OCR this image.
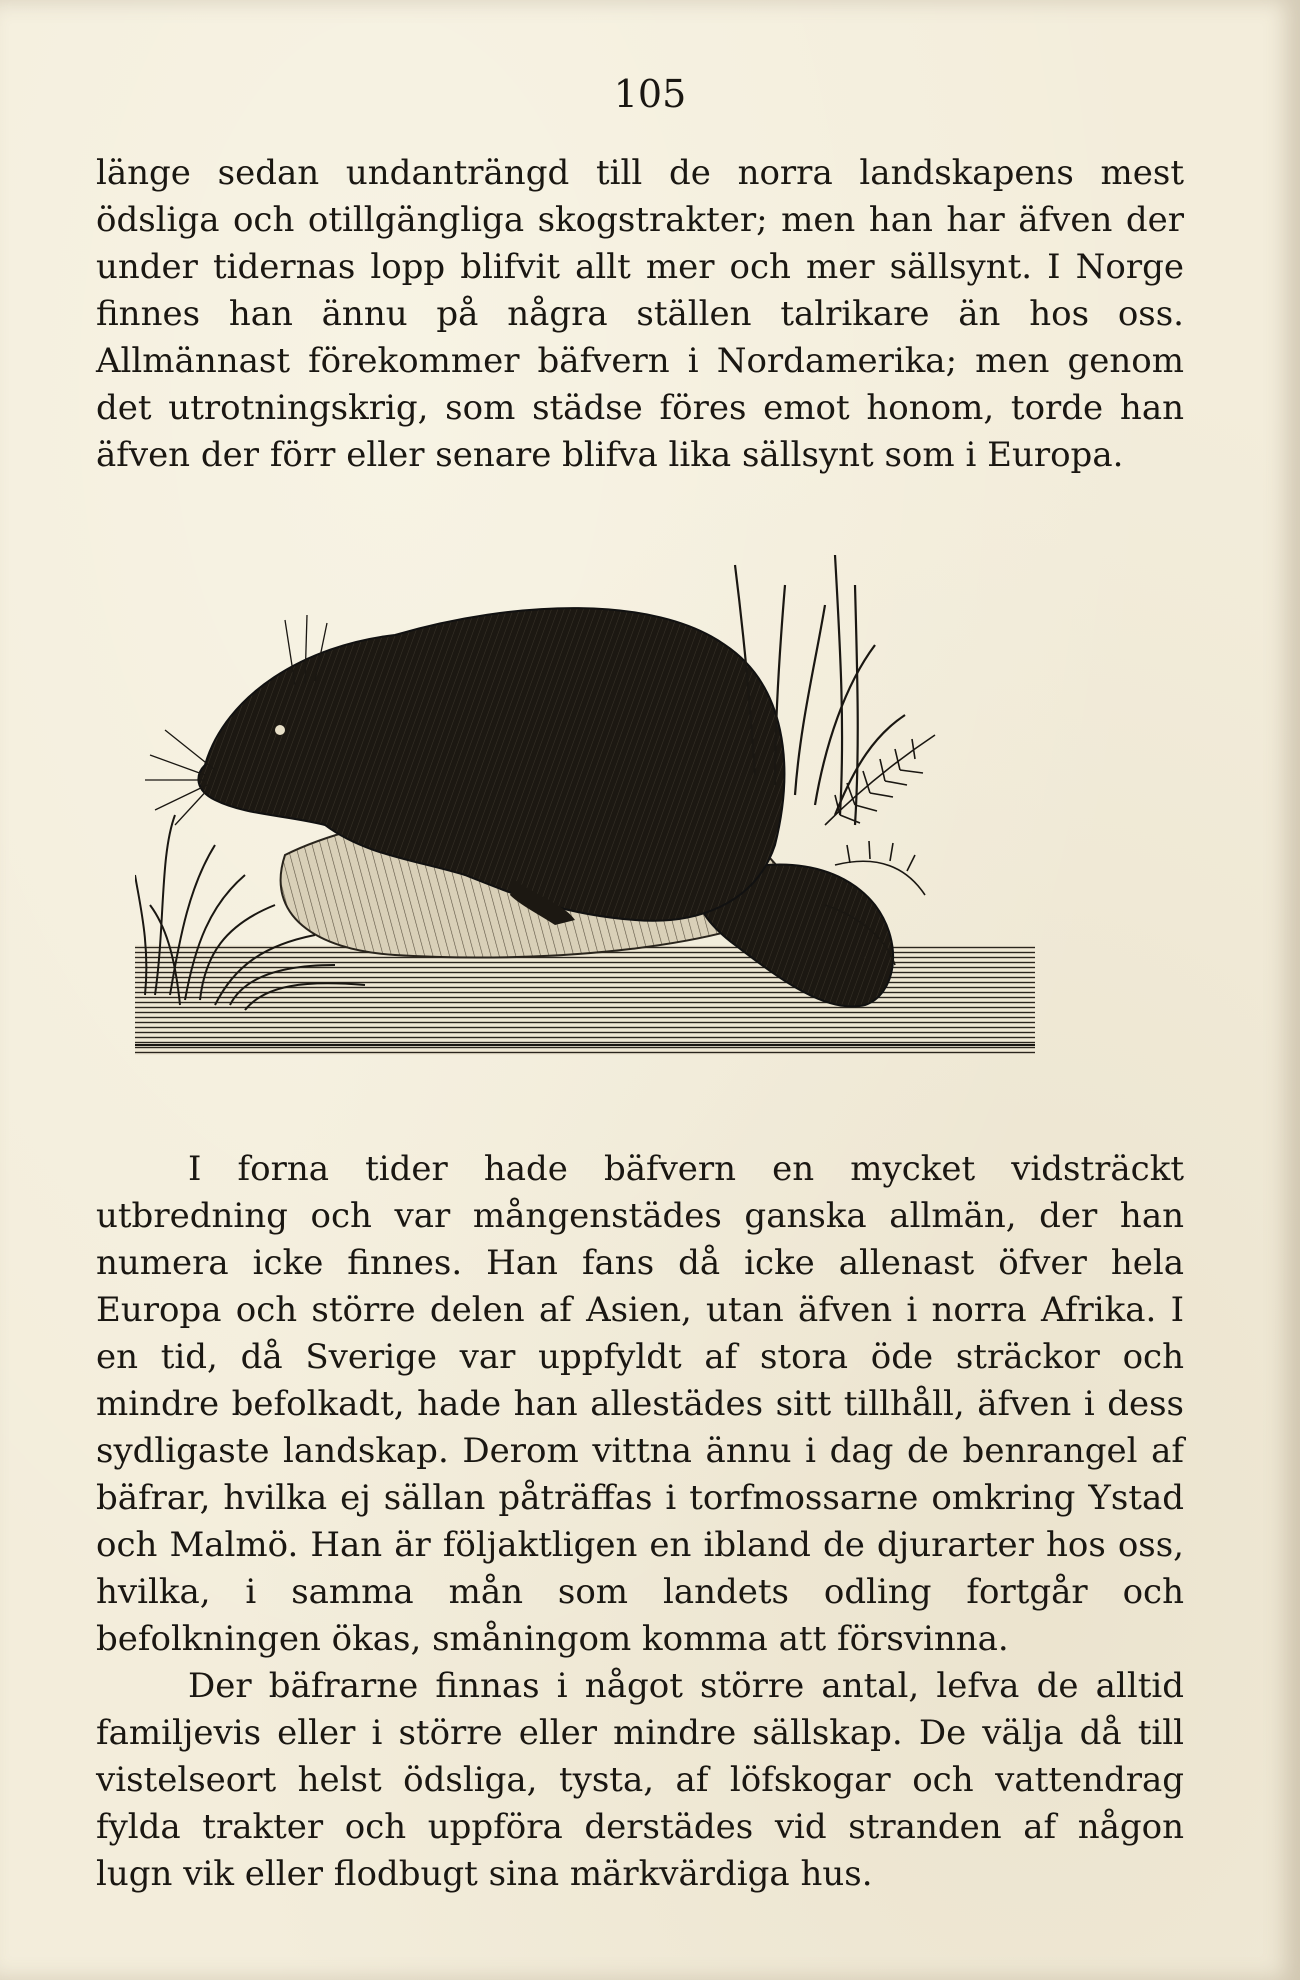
105
länge sedan undanträngd till de norra landskapens mest ödsliga och otillgängliga skogstrakter; men han har äfven der under tidernas lopp blifvit allt mer och mer sällsynt. I Norge finnes han ännu på några ställen talrikare än hos oss. Allmännast förekommer bäfvern i Nordamerika; men genom det utrotningskrig, som städse föres emot honom, torde han äfven der förr eller senare blifva lika sällsynt som i Europa.
I forna tider hade bäfvern en mycket vidsträckt utbredning och var mångenstädes ganska allmän, der han numera icke finnes. Han fans då icke allenast öfver hela Europa och större delen af Asien, utan äfven i norra Afrika. I en tid, då Sverige var uppfyldt af stora öde sträckor och mindre befolkadt, hade han allestädes sitt tillhåll, äfven i dess sydligaste landskap. Derom vittna ännu i dag de benrangel af bäfrar, hvilka ej sällan påträffas i torfmossarne omkring Ystad och Malmö. Han är följaktligen en ibland de djurarter hos oss, hvilka, i samma mån som landets odling fortgår och befolkningen ökas, småningom komma att försvinna.
Der bäfrarne finnas i något större antal, lefva de alltid familjevis eller i större eller mindre sällskap. De välja då till vistelseort helst ödsliga, tysta, af löfskogar och vattendrag fylda trakter och uppföra derstädes vid stranden af någon lugn vik eller flodbugt sina märkvärdiga hus.
